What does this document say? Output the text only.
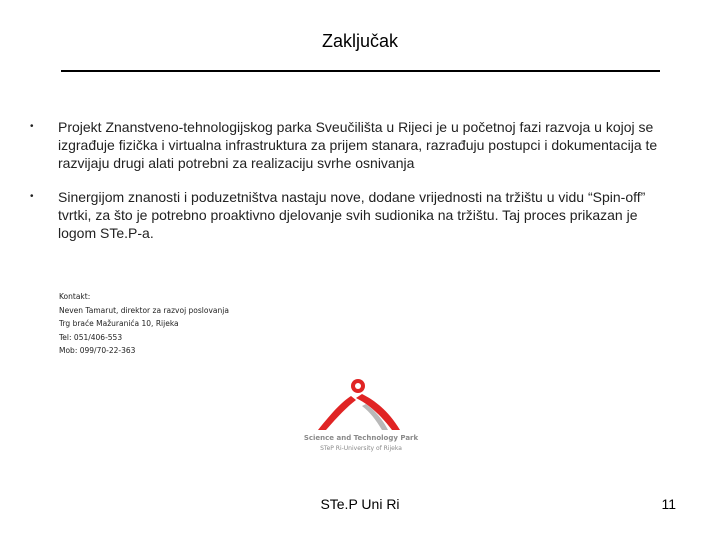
Zaključak
• Projekt Znanstveno-tehnologijskog parka Sveučilišta u Rijeci je u početnoj fazi razvoja u kojoj se izgrađuje fizička i virtualna infrastruktura za prijem stanara, razrađuju postupci i dokumentacija te razvijaju drugi alati potrebni za realizaciju svrhe osnivanja
• Sinergijom znanosti i poduzetništva nastaju nove, dodane vrijednosti na tržištu u vidu “Spin-off” tvrtki, za što je potrebno proaktivno djelovanje svih sudionika na tržištu. Taj proces prikazan je logom STe.P-a.
Kontakt:
Neven Tamarut, direktor za razvoj poslovanja
Trg braće Mažuranića 10, Rijeka
Tel: 051/406-553
Mob: 099/70-22-363
Science and Technology Park
STeP Ri-University of Rijeka
STe.P Uni Ri	11
